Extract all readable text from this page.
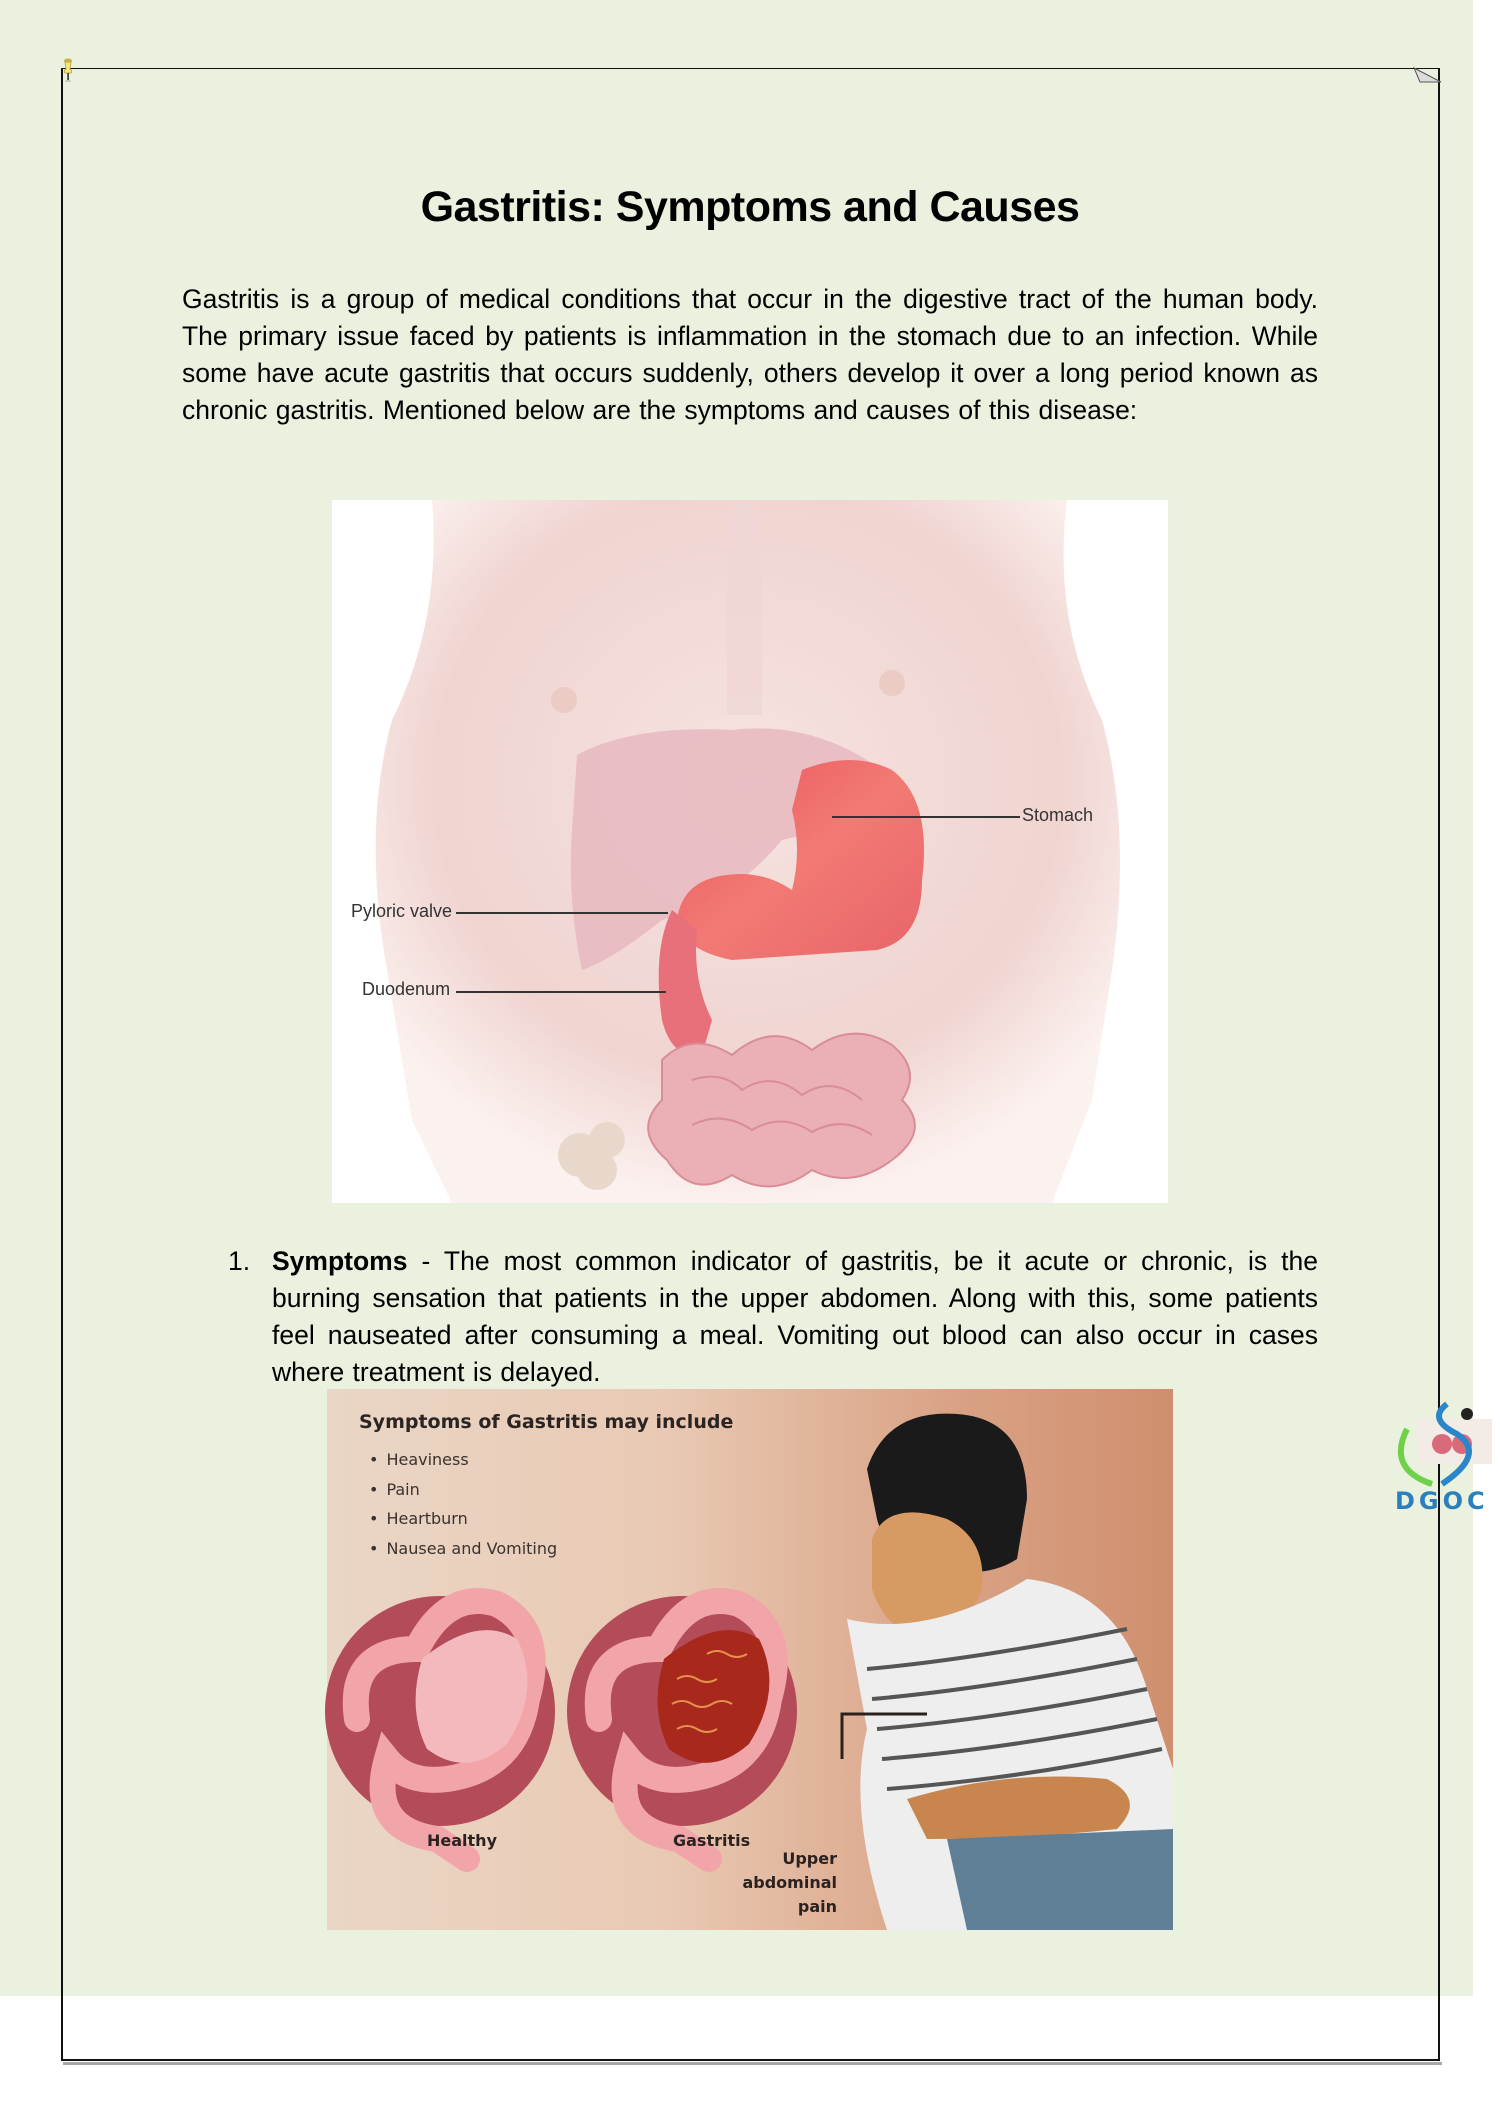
Gastritis: Symptoms and Causes

Gastritis is a group of medical conditions that occur in the digestive tract of the human body. The primary issue faced by patients is inflammation in the stomach due to an infection. While some have acute gastritis that occurs suddenly, others develop it over a long period known as chronic gastritis. Mentioned below are the symptoms and causes of this disease:

Stomach
Pyloric valve
Duodenum
1. Symptoms - The most common indicator of gastritis, be it acute or chronic, is the burning sensation that patients in the upper abdomen. Along with this, some patients feel nauseated after consuming a meal. Vomiting out blood can also occur in cases where treatment is delayed.
Symptoms of Gastritis may include
• Heaviness
• Pain
• Heartburn
• Nausea and Vomiting
Healthy	Gastritis
Upper
abdominal
pain
DGOC
